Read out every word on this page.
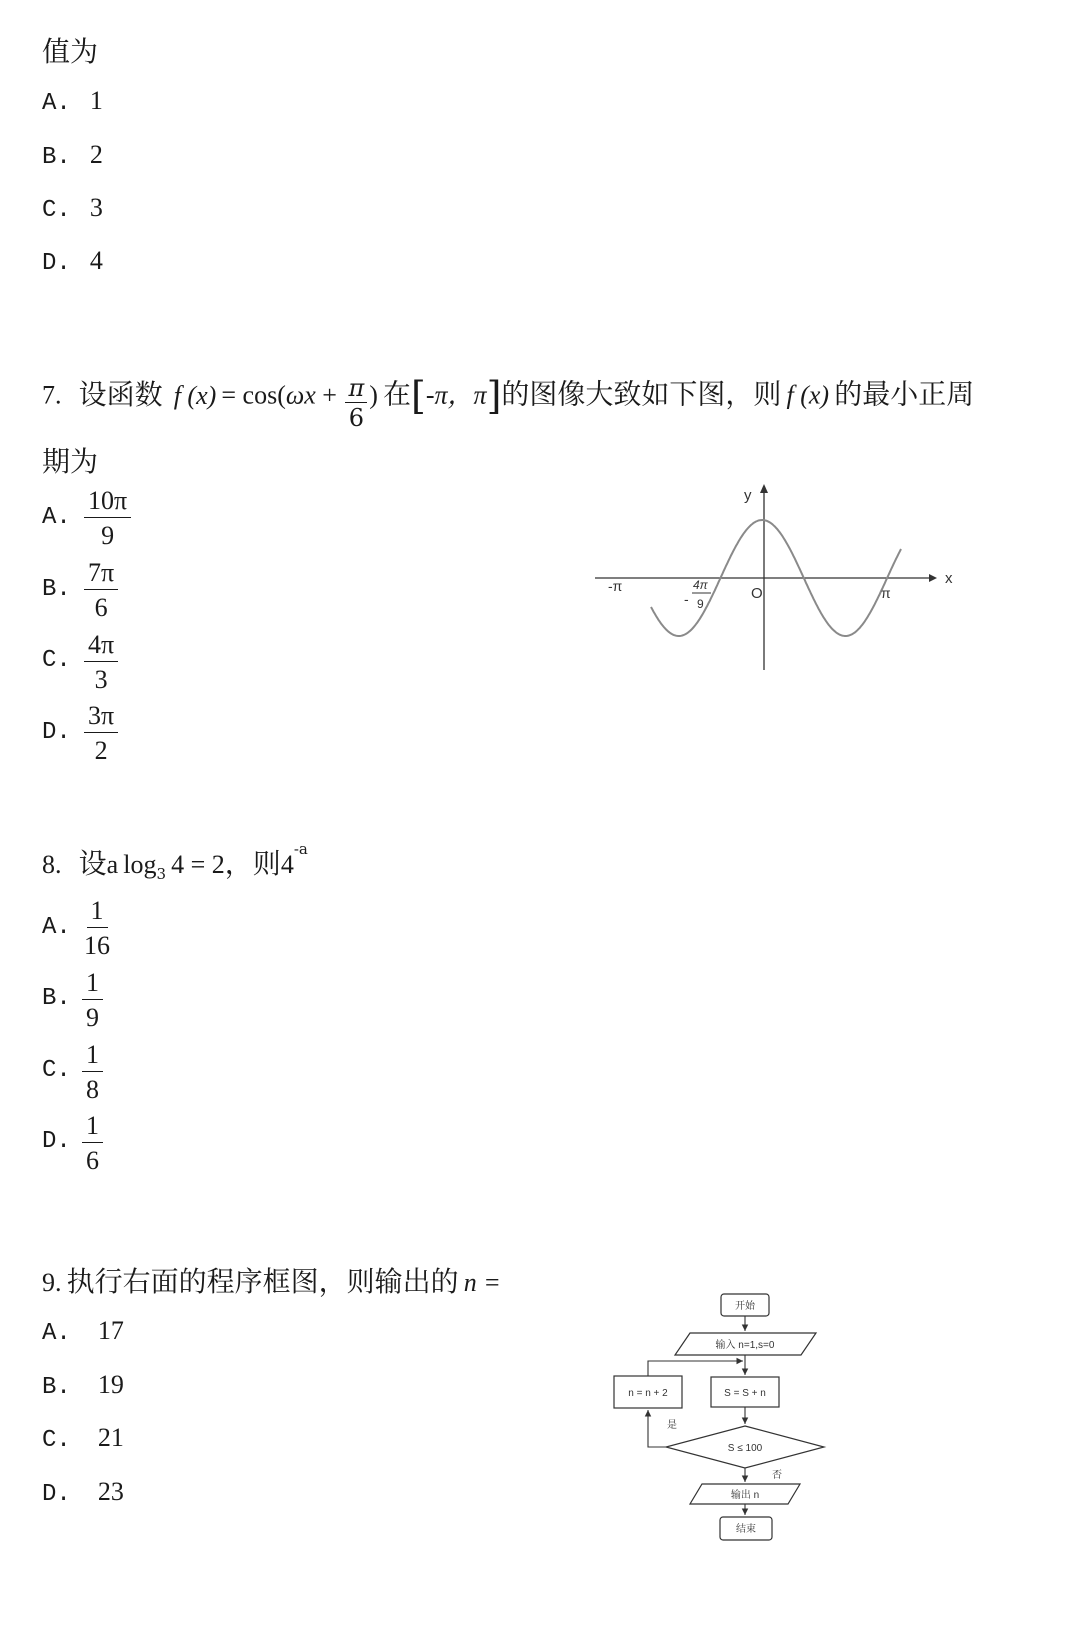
值为
A. 1
B. 2
C. 3
D. 4
7. 设函数 f $(x) = \cos(\omega x + \frac{\pi}{6}$ ) 在[-π，π]的图像大致如下图，则 f (x) 的最小正周
期为
A. $\frac{10\pi}{9}$
B. $\frac{7\pi}{6}$
C. $\frac{4\pi}{3}$
D. $\frac{3\pi}{2}$
y
x
O
-π	π
-
4π
9
8. 设a log3 4 = 2，则4-a
A. $\frac{1}{16}$
B. $\frac{1}{9}$
C. $\frac{1}{8}$
D. $\frac{1}{6}$
9. 执行右面的程序框图，则输出的 n =
A. 17
B. 19
C. 21
D. 23
开始
输入 n=1,s=0
S = S + n
n = n + 2
S ≤ 100
是
否
输出 n
结束
